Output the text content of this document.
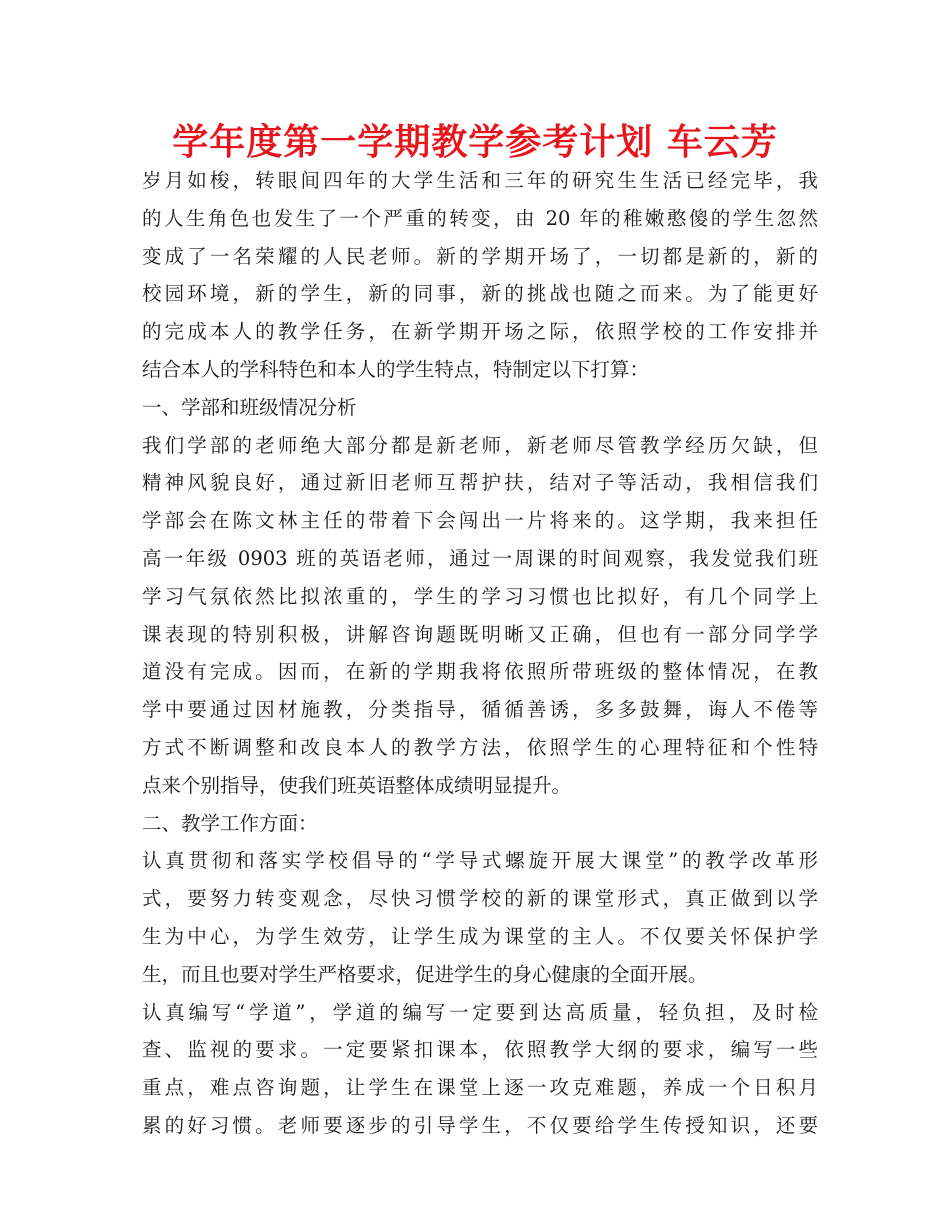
学年度第一学期教学参考计划 车云芳
岁月如梭，转眼间四年的大学生活和三年的研究生生活已经完毕，我
的人生角色也发生了一个严重的转变，由 20 年的稚嫩憨傻的学生忽然
变成了一名荣耀的人民老师。新的学期开场了，一切都是新的，新的
校园环境，新的学生，新的同事，新的挑战也随之而来。为了能更好
的完成本人的教学任务，在新学期开场之际，依照学校的工作安排并
结合本人的学科特色和本人的学生特点，特制定以下打算：
一、学部和班级情况分析
我们学部的老师绝大部分都是新老师，新老师尽管教学经历欠缺，但
精神风貌良好，通过新旧老师互帮护扶，结对子等活动，我相信我们
学部会在陈文林主任的带着下会闯出一片将来的。这学期，我来担任
高一年级 0903 班的英语老师，通过一周课的时间观察，我发觉我们班
学习气氛依然比拟浓重的，学生的学习习惯也比拟好，有几个同学上
课表现的特别积极，讲解咨询题既明晰又正确，但也有一部分同学学
道没有完成。因而，在新的学期我将依照所带班级的整体情况，在教
学中要通过因材施教，分类指导，循循善诱，多多鼓舞，诲人不倦等
方式不断调整和改良本人的教学方法，依照学生的心理特征和个性特
点来个别指导，使我们班英语整体成绩明显提升。
二、教学工作方面：
认真贯彻和落实学校倡导的“学导式螺旋开展大课堂”的教学改革形
式，要努力转变观念，尽快习惯学校的新的课堂形式，真正做到以学
生为中心，为学生效劳，让学生成为课堂的主人。不仅要关怀保护学
生，而且也要对学生严格要求，促进学生的身心健康的全面开展。
认真编写“学道”，学道的编写一定要到达高质量，轻负担，及时检
查、监视的要求。一定要紧扣课本，依照教学大纲的要求，编写一些
重点，难点咨询题，让学生在课堂上逐一攻克难题，养成一个日积月
累的好习惯。老师要逐步的引导学生，不仅要给学生传授知识，还要
